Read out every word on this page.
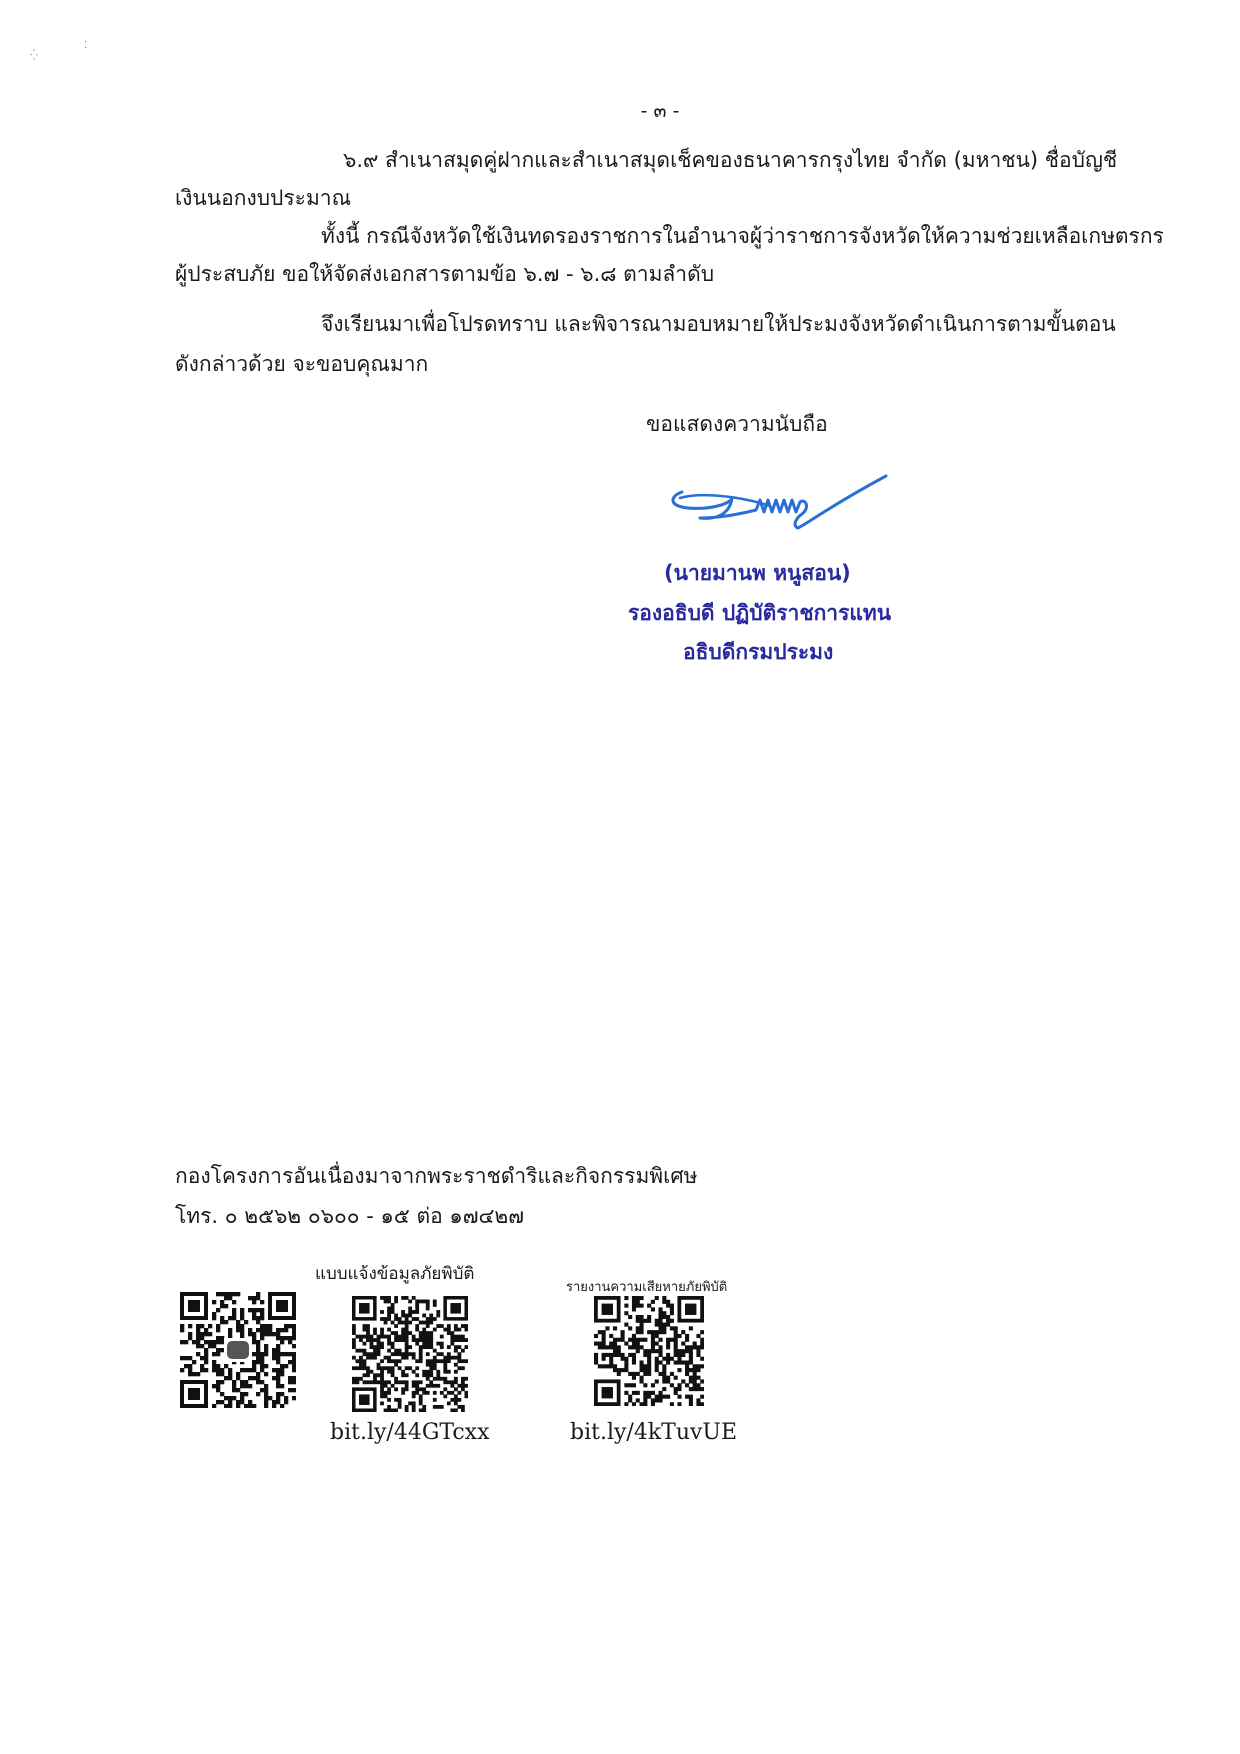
⁛
⁚
- ๓ -
๖.๙ สำเนาสมุดคู่ฝากและสำเนาสมุดเช็คของธนาคารกรุงไทย จำกัด (มหาชน) ชื่อบัญชี
เงินนอกงบประมาณ
ทั้งนี้ กรณีจังหวัดใช้เงินทดรองราชการในอำนาจผู้ว่าราชการจังหวัดให้ความช่วยเหลือเกษตรกร
ผู้ประสบภัย ขอให้จัดส่งเอกสารตามข้อ ๖.๗ - ๖.๘ ตามลำดับ
จึงเรียนมาเพื่อโปรดทราบ และพิจารณามอบหมายให้ประมงจังหวัดดำเนินการตามขั้นตอน
ดังกล่าวด้วย จะขอบคุณมาก
ขอแสดงความนับถือ
(นายมานพ หนูสอน)
รองอธิบดี ปฏิบัติราชการแทน
อธิบดีกรมประมง
กองโครงการอันเนื่องมาจากพระราชดำริและกิจกรรมพิเศษ
โทร. ๐ ๒๕๖๒ ๐๖๐๐ - ๑๕ ต่อ ๑๗๔๒๗
แบบแจ้งข้อมูลภัยพิบัติ
รายงานความเสียหายภัยพิบัติ
bit.ly/44GTcxx	bit.ly/4kTuvUE
